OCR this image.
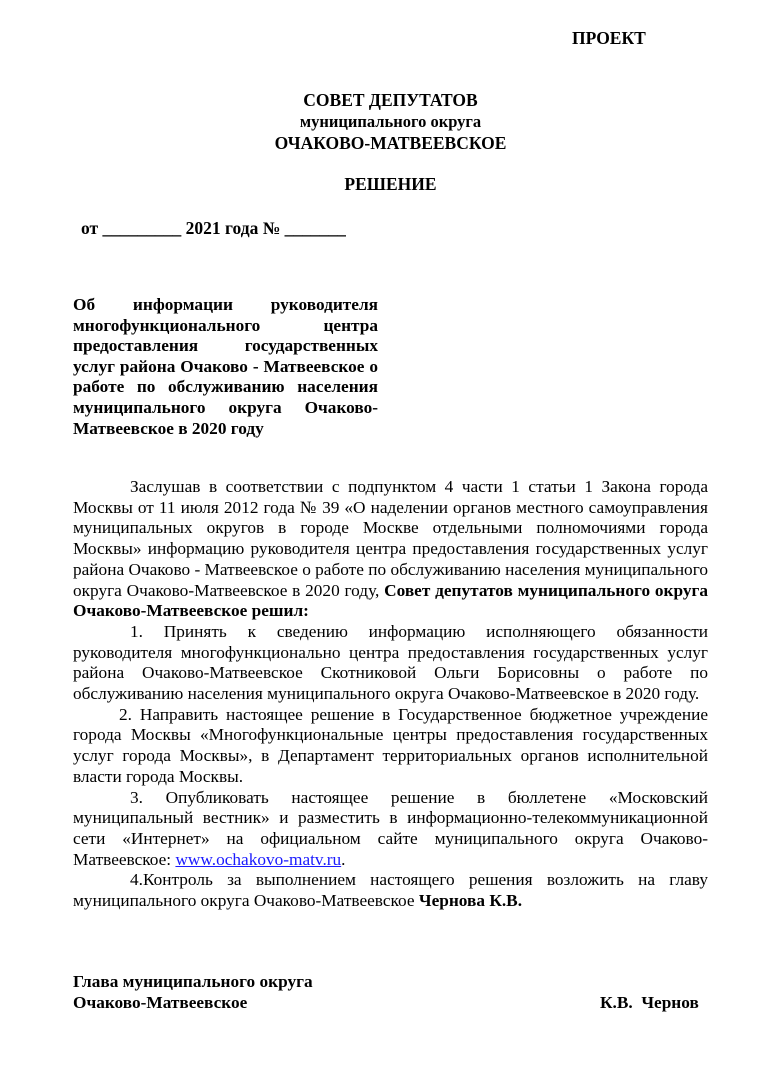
ПРОЕКТ
СОВЕТ ДЕПУТАТОВ
муниципального округа
ОЧАКОВО-МАТВЕЕВСКОЕ
РЕШЕНИЕ
от _________ 2021 года № _______
Об информации руководителя многофункционального центра предоставления государственных услуг района Очаково - Матвеевское о работе по обслуживанию населения муниципального округа Очаково-Матвеевское в 2020 году

Заслушав в соответствии с подпунктом 4 части 1 статьи 1 Закона города Москвы от 11 июля 2012 года № 39 «О наделении органов местного самоуправления муниципальных округов в городе Москве отдельными полномочиями города Москвы» информацию руководителя центра предоставления государственных услуг района Очаково - Матвеевское о работе по обслуживанию населения муниципального округа Очаково-Матвеевское в 2020 году, Совет депутатов муниципального округа Очаково-Матвеевское решил:

1. Принять к сведению информацию исполняющего обязанности руководителя многофункционально центра предоставления государственных услуг района Очаково-Матвеевское Скотниковой Ольги Борисовны о работе по обслуживанию населения муниципального округа Очаково-Матвеевское в 2020 году.

2. Направить настоящее решение в Государственное бюджетное учреждение города Москвы «Многофункциональные центры предоставления государственных услуг города Москвы», в Департамент территориальных органов исполнительной власти города Москвы.

3. Опубликовать настоящее решение в бюллетене «Московский муниципальный вестник» и разместить в информационно-телекоммуникационной сети «Интернет» на официальном сайте муниципального округа Очаково-Матвеевское: www.ochakovo-matv.ru.

4.Контроль за выполнением настоящего решения возложить на главу муниципального округа Очаково-Матвеевское Чернова К.В.

Глава муниципального округа
Очаково-Матвеевское	К.В.  Чернов
